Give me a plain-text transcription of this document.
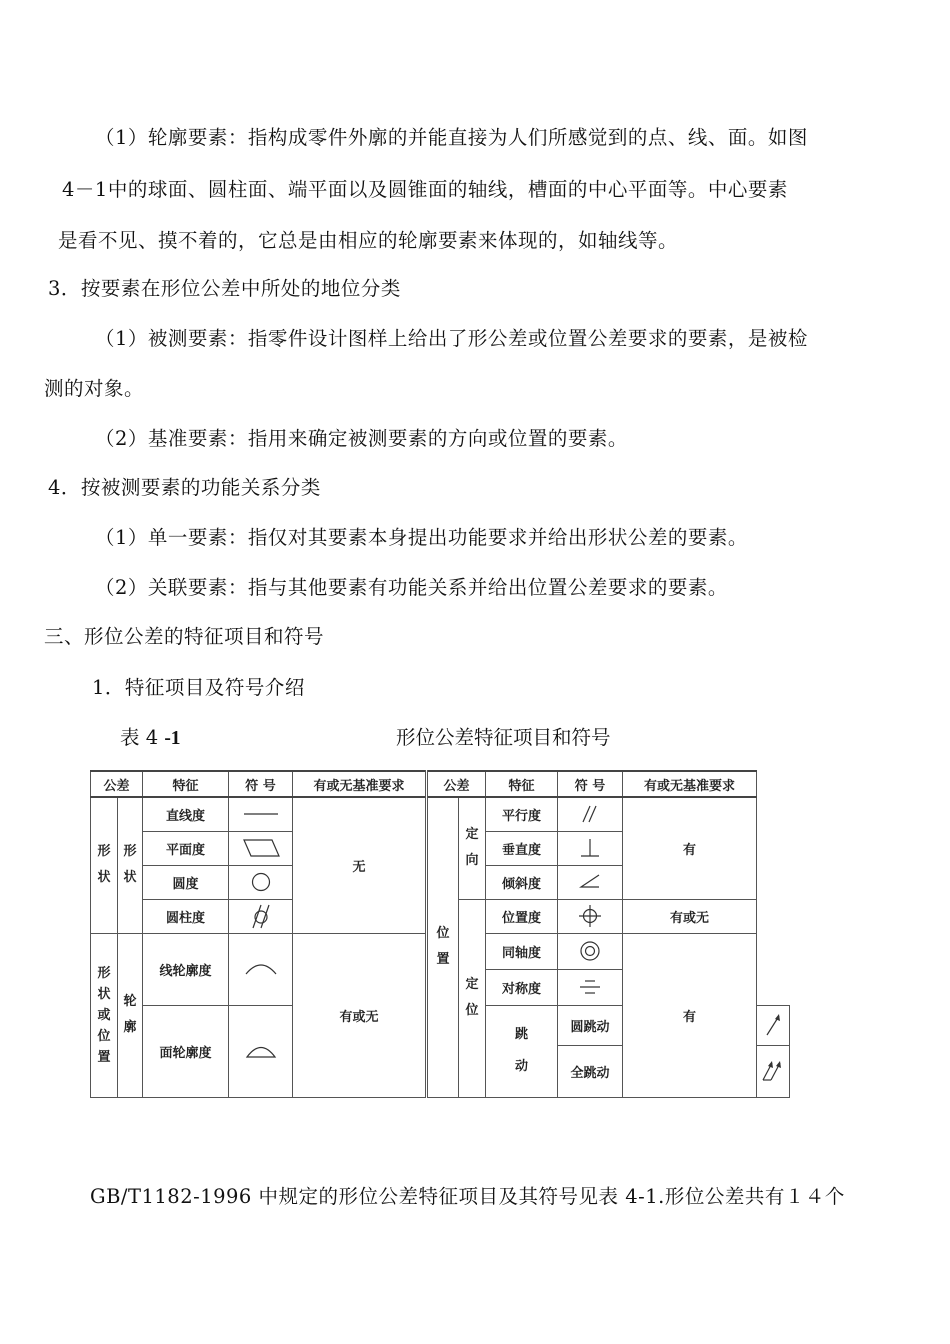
（1）轮廓要素：指构成零件外廓的并能直接为人们所感觉到的点、线、面。如图
4－1中的球面、圆柱面、端平面以及圆锥面的轴线，槽面的中心平面等。中心要素
是看不见、摸不着的，它总是由相应的轮廓要素来体现的，如轴线等。
3．按要素在形位公差中所处的地位分类
（1）被测要素：指零件设计图样上给出了形公差或位置公差要求的要素，是被检
测的对象。
（2）基准要素：指用来确定被测要素的方向或位置的要素。
4．按被测要素的功能关系分类
（1）单一要素：指仅对其要素本身提出功能要求并给出形状公差的要素。
（2）关联要素：指与其他要素有功能关系并给出位置公差要求的要素。
三、形位公差的特征项目和符号
1．特征项目及符号介绍
表 4 -1	形位公差特征项目和符号
公差		特征	符 号	有或无基准要求	公差		特征	符 号	有或无基准要求	
形状	形状	直线度		无	位置	定向	平行度		有	

		平面度					垂直度	

		圆度					倾斜度	

		圆柱度				定位	位置度		有或无	

形状或位置	轮廓	线轮廓度		有或无			同轴度		有	

							对称度	

		面轮廓度					跳动	圆跳动	

								全跳动	

GB/T1182-1996 中规定的形位公差特征项目及其符号见表 4-1.形位公差共有１４个
